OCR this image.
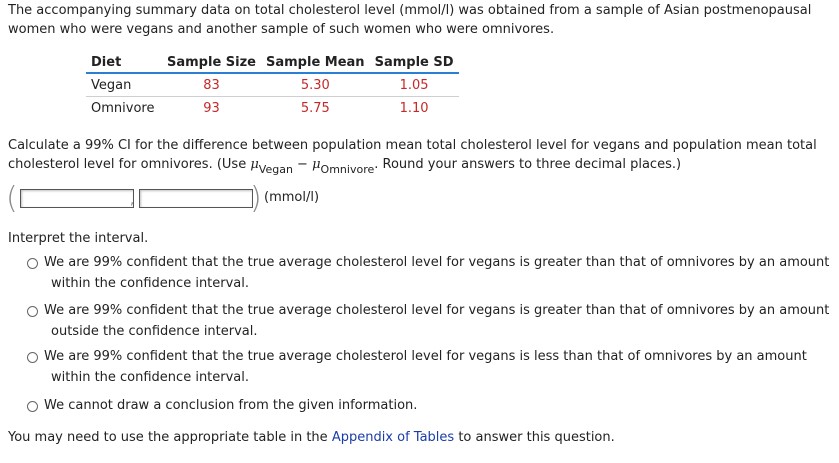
The accompanying summary data on total cholesterol level (mmol/l) was obtained from a sample of Asian postmenopausal
women who were vegans and another sample of such women who were omnivores.
Diet	Sample Size	Sample Mean	Sample SD
Vegan	83	5.30	1.05
Omnivore	93	5.75	1.10
Calculate a 99% CI for the difference between population mean total cholesterol level for vegans and population mean total
cholesterol level for omnivores. (Use $\mu_{Vegan} - \mu_{Omnivore}$. Round your answers to three decimal places.)
(	,	) (mmol/l)
Interpret the interval.
We are 99% confident that the true average cholesterol level for vegans is greater than that of omnivores by an amount
within the confidence interval.
We are 99% confident that the true average cholesterol level for vegans is greater than that of omnivores by an amount
outside the confidence interval.
We are 99% confident that the true average cholesterol level for vegans is less than that of omnivores by an amount
within the confidence interval.
We cannot draw a conclusion from the given information.
You may need to use the appropriate table in the Appendix of Tables to answer this question.
